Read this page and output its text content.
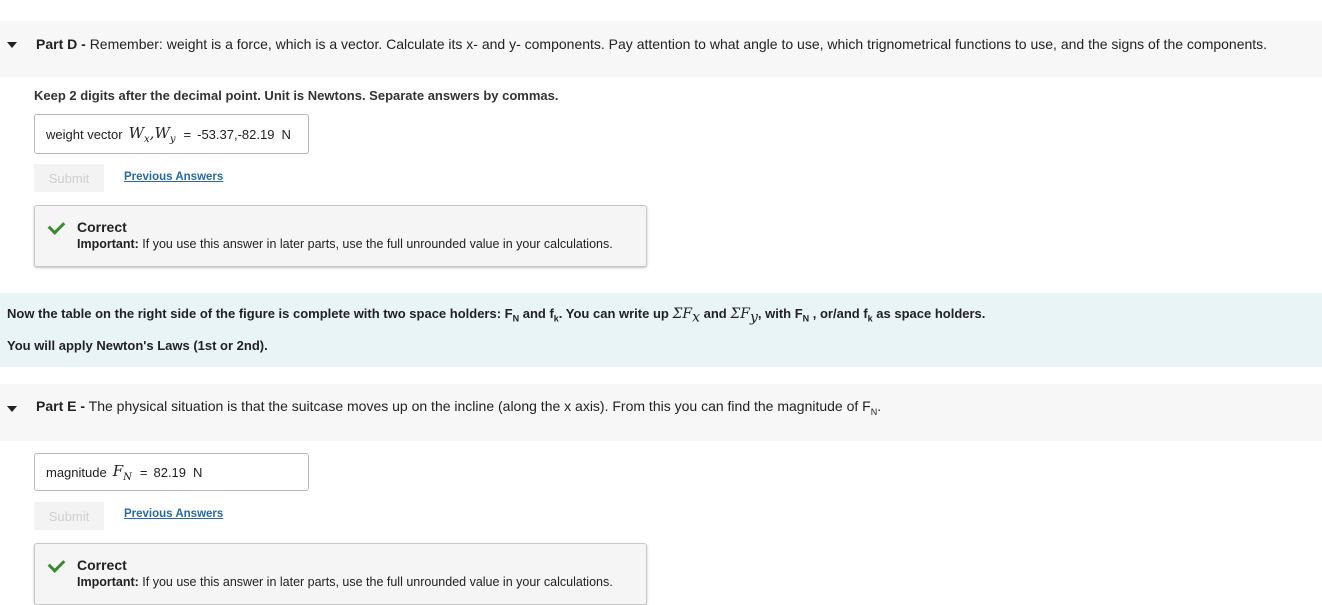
Part D - Remember: weight is a force, which is a vector. Calculate its x- and y- components. Pay attention to what angle to use, which trignometrical functions to use, and the signs of the components.
Keep 2 digits after the decimal point. Unit is Newtons. Separate answers by commas.
weight vector $W_x,W_y = -53.37,-82.19$ N
Submit	Previous Answers
Correct
Important: If you use this answer in later parts, use the full unrounded value in your calculations.
Now the table on the right side of the figure is complete with two space holders: $F_N$ and $f_k$. You can write up $\Sigma F_x$ and $\Sigma F_y$, with $F_N$ , or/and $f_k$ as space holders.
You will apply Newton's Laws (1st or 2nd).
Part E - The physical situation is that the suitcase moves up on the incline (along the x axis). From this you can find the magnitude of $F_N$.
magnitude $F_N = 82.19$ N
Submit	Previous Answers
Correct
Important: If you use this answer in later parts, use the full unrounded value in your calculations.
